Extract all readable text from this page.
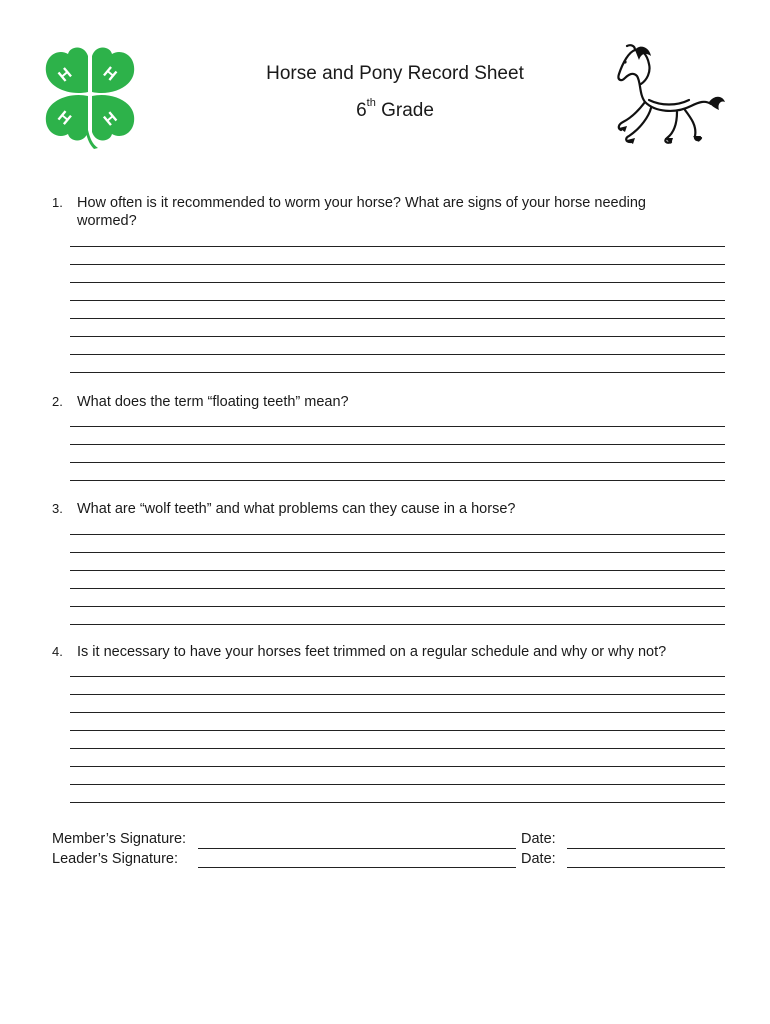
H H
H H
Horse and Pony Record Sheet
6th Grade
1. How often is it recommended to worm your horse? What are signs of your horse needing wormed?
2. What does the term “floating teeth” mean?
3. What are “wolf teeth” and what problems can they cause in a horse?
4. Is it necessary to have your horses feet trimmed on a regular schedule and why or why not?
Member’s Signature:	Date:
Leader’s Signature:	Date:
